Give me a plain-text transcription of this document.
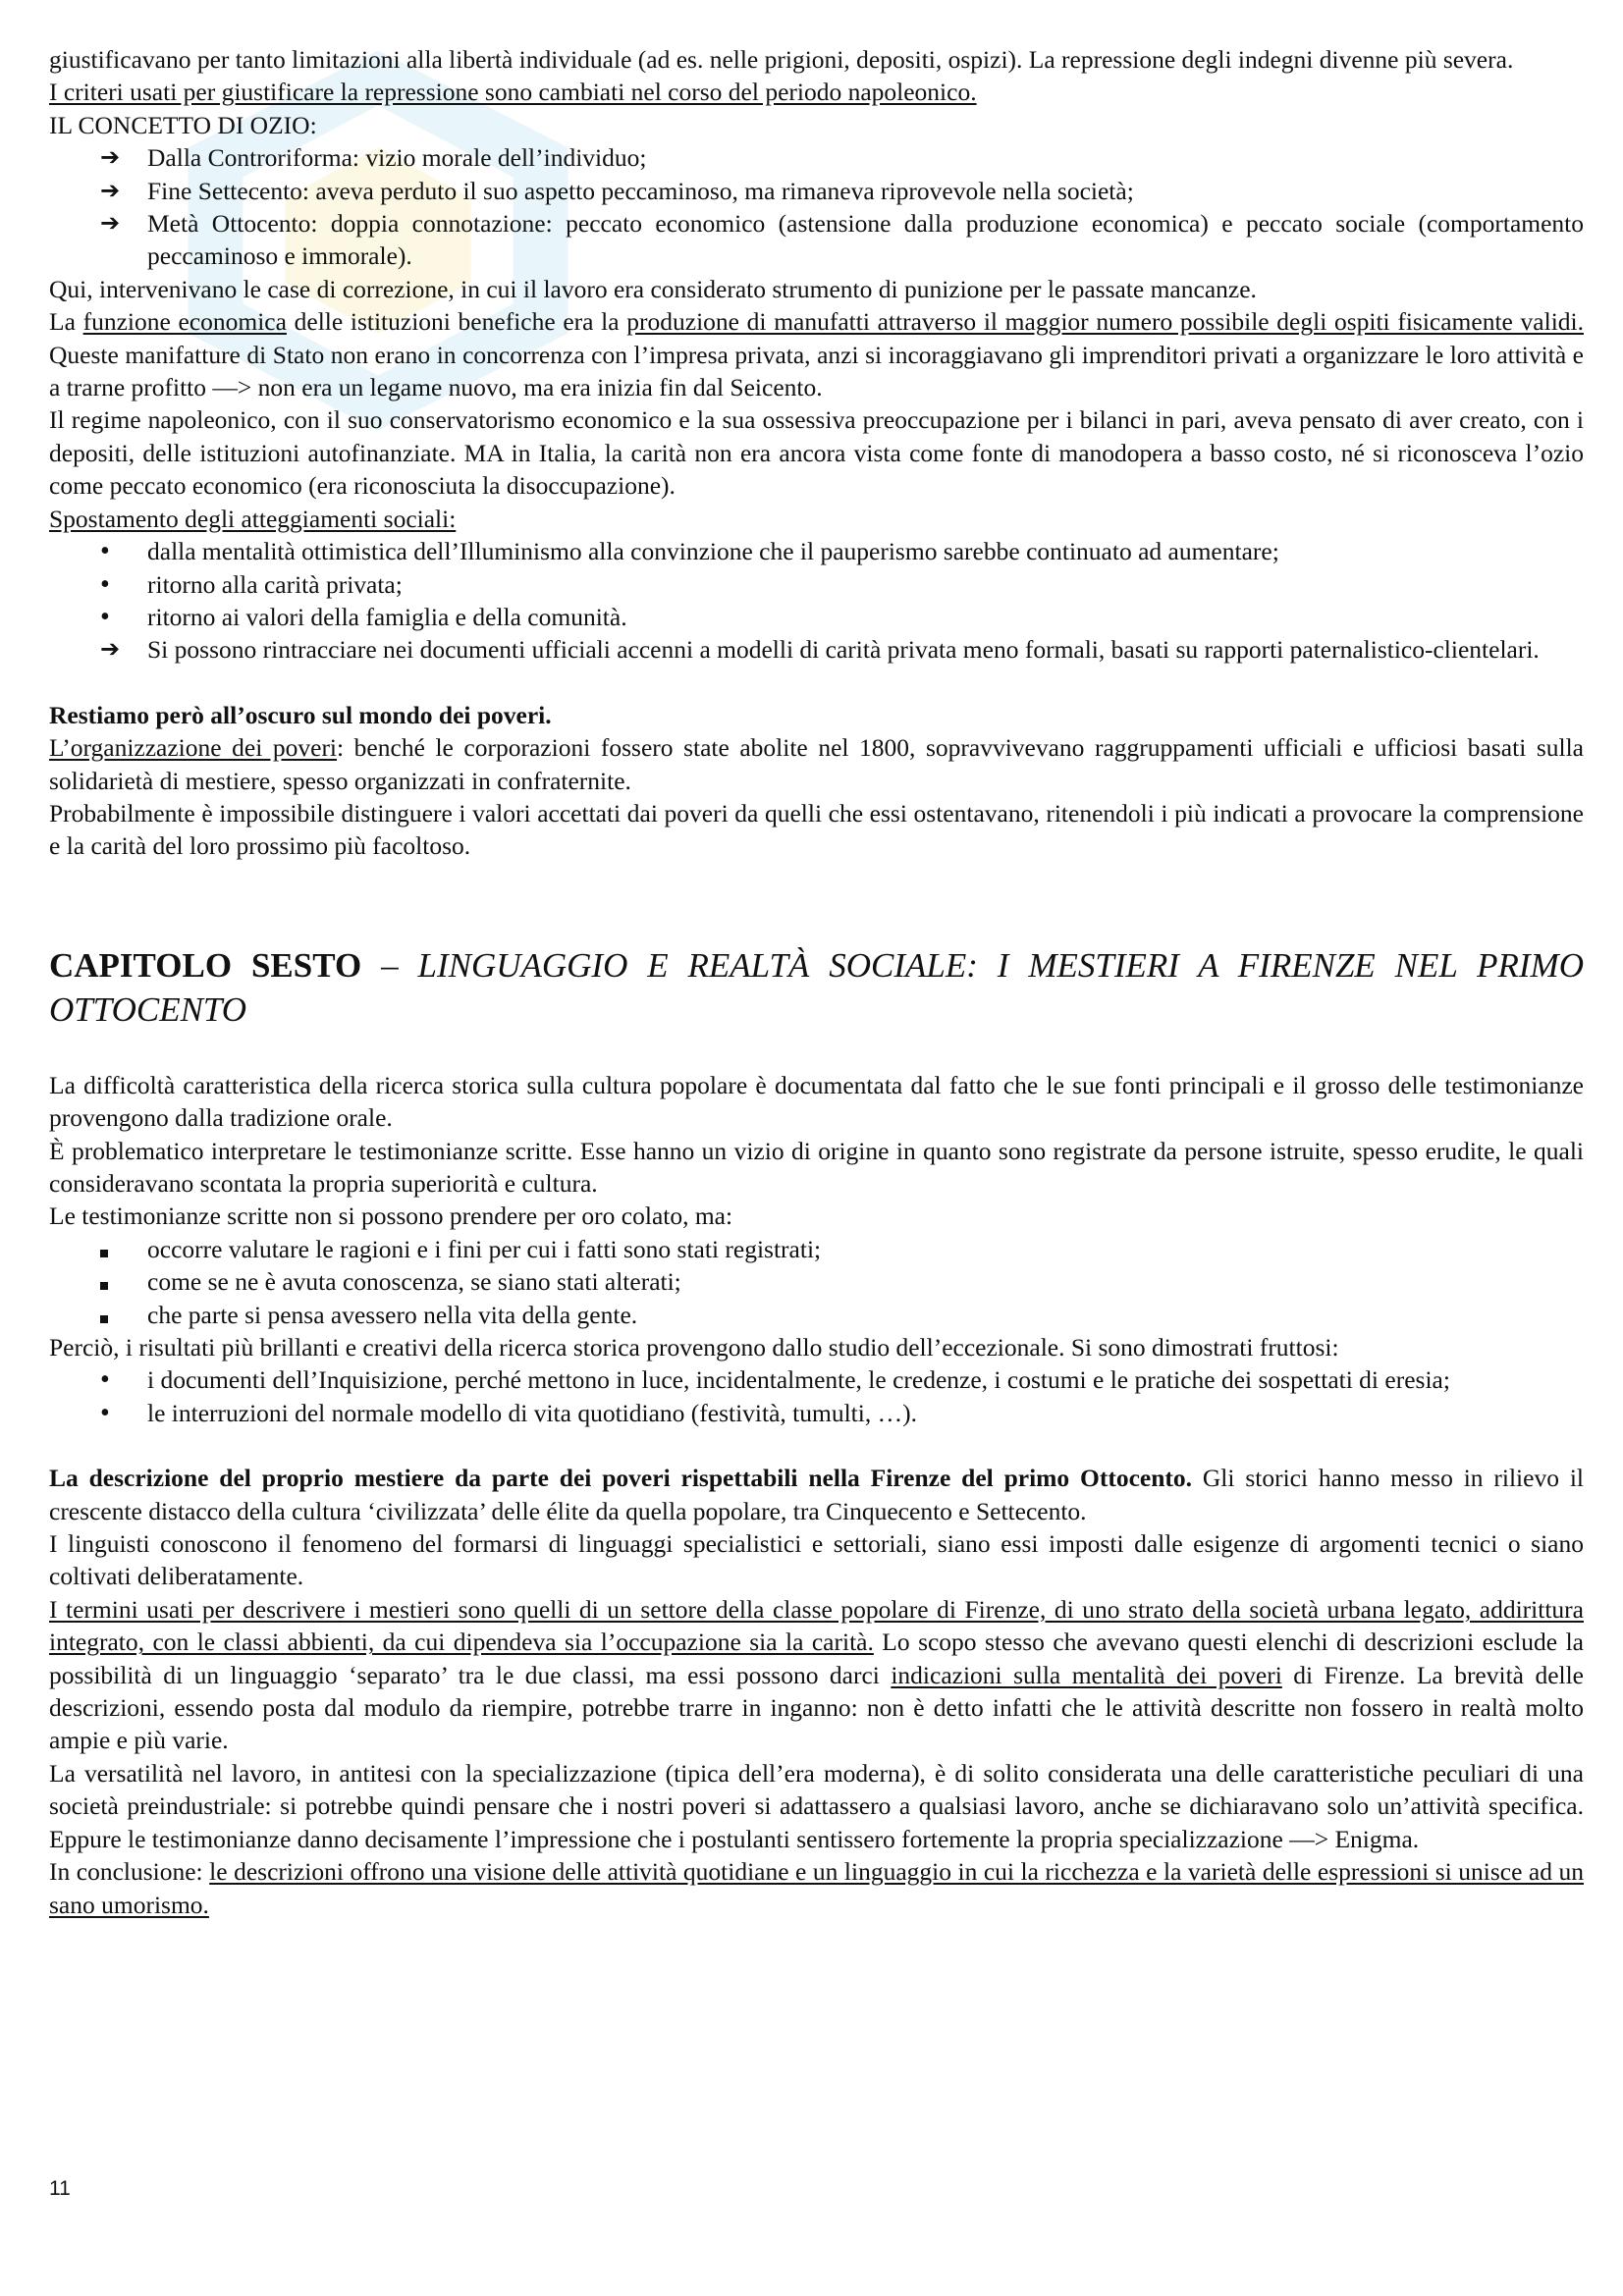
giustificavano per tanto limitazioni alla libertà individuale (ad es. nelle prigioni, depositi, ospizi). La repressione degli indegni divenne più severa.

I criteri usati per giustificare la repressione sono cambiati nel corso del periodo napoleonico.

IL CONCETTO DI OZIO:

➔	Dalla Controriforma: vizio morale dell’individuo;
➔	Fine Settecento: aveva perduto il suo aspetto peccaminoso, ma rimaneva riprovevole nella società;
➔	Metà Ottocento: doppia connotazione: peccato economico (astensione dalla produzione economica) e peccato sociale (comportamento peccaminoso e immorale).

Qui, intervenivano le case di correzione, in cui il lavoro era considerato strumento di punizione per le passate mancanze.

La funzione economica delle istituzioni benefiche era la produzione di manufatti attraverso il maggior numero possibile degli ospiti fisicamente validi. Queste manifatture di Stato non erano in concorrenza con l’impresa privata, anzi si incoraggiavano gli imprenditori privati a organizzare le loro attività e a trarne profitto —> non era un legame nuovo, ma era inizia fin dal Seicento.

Il regime napoleonico, con il suo conservatorismo economico e la sua ossessiva preoccupazione per i bilanci in pari, aveva pensato di aver creato, con i depositi, delle istituzioni autofinanziate. MA in Italia, la carità non era ancora vista come fonte di manodopera a basso costo, né si riconosceva l’ozio come peccato economico (era riconosciuta la disoccupazione).

Spostamento degli atteggiamenti sociali:

•	dalla mentalità ottimistica dell’Illuminismo alla convinzione che il pauperismo sarebbe continuato ad aumentare;
•	ritorno alla carità privata;
•	ritorno ai valori della famiglia e della comunità.
➔	Si possono rintracciare nei documenti ufficiali accenni a modelli di carità privata meno formali, basati su rapporti paternalistico-clientelari.

Restiamo però all’oscuro sul mondo dei poveri.

L’organizzazione dei poveri: benché le corporazioni fossero state abolite nel 1800, sopravvivevano raggruppamenti ufficiali e ufficiosi basati sulla solidarietà di mestiere, spesso organizzati in confraternite.

Probabilmente è impossibile distinguere i valori accettati dai poveri da quelli che essi ostentavano, ritenendoli i più indicati a provocare la comprensione e la carità del loro prossimo più facoltoso.

CAPITOLO SESTO – LINGUAGGIO E REALTÀ SOCIALE: I MESTIERI A FIRENZE NEL PRIMO OTTOCENTO

La difficoltà caratteristica della ricerca storica sulla cultura popolare è documentata dal fatto che le sue fonti principali e il grosso delle testimonianze provengono dalla tradizione orale.

È problematico interpretare le testimonianze scritte. Esse hanno un vizio di origine in quanto sono registrate da persone istruite, spesso erudite, le quali consideravano scontata la propria superiorità e cultura.

Le testimonianze scritte non si possono prendere per oro colato, ma:

occorre valutare le ragioni e i fini per cui i fatti sono stati registrati;
come se ne è avuta conoscenza, se siano stati alterati;
che parte si pensa avessero nella vita della gente.

Perciò, i risultati più brillanti e creativi della ricerca storica provengono dallo studio dell’eccezionale. Si sono dimostrati fruttosi:

•	i documenti dell’Inquisizione, perché mettono in luce, incidentalmente, le credenze, i costumi e le pratiche dei sospettati di eresia;
•	le interruzioni del normale modello di vita quotidiano (festività, tumulti, …).

La descrizione del proprio mestiere da parte dei poveri rispettabili nella Firenze del primo Ottocento. Gli storici hanno messo in rilievo il crescente distacco della cultura ‘civilizzata’ delle élite da quella popolare, tra Cinquecento e Settecento.

I linguisti conoscono il fenomeno del formarsi di linguaggi specialistici e settoriali, siano essi imposti dalle esigenze di argomenti tecnici o siano coltivati deliberatamente.

I termini usati per descrivere i mestieri sono quelli di un settore della classe popolare di Firenze, di uno strato della società urbana legato, addirittura integrato, con le classi abbienti, da cui dipendeva sia l’occupazione sia la carità. Lo scopo stesso che avevano questi elenchi di descrizioni esclude la possibilità di un linguaggio ‘separato’ tra le due classi, ma essi possono darci indicazioni sulla mentalità dei poveri di Firenze. La brevità delle descrizioni, essendo posta dal modulo da riempire, potrebbe trarre in inganno: non è detto infatti che le attività descritte non fossero in realtà molto ampie e più varie.

La versatilità nel lavoro, in antitesi con la specializzazione (tipica dell’era moderna), è di solito considerata una delle caratteristiche peculiari di una società preindustriale: si potrebbe quindi pensare che i nostri poveri si adattassero a qualsiasi lavoro, anche se dichiaravano solo un’attività specifica. Eppure le testimonianze danno decisamente l’impressione che i postulanti sentissero fortemente la propria specializzazione —> Enigma.

In conclusione: le descrizioni offrono una visione delle attività quotidiane e un linguaggio in cui la ricchezza e la varietà delle espressioni si unisce ad un sano umorismo.

11
